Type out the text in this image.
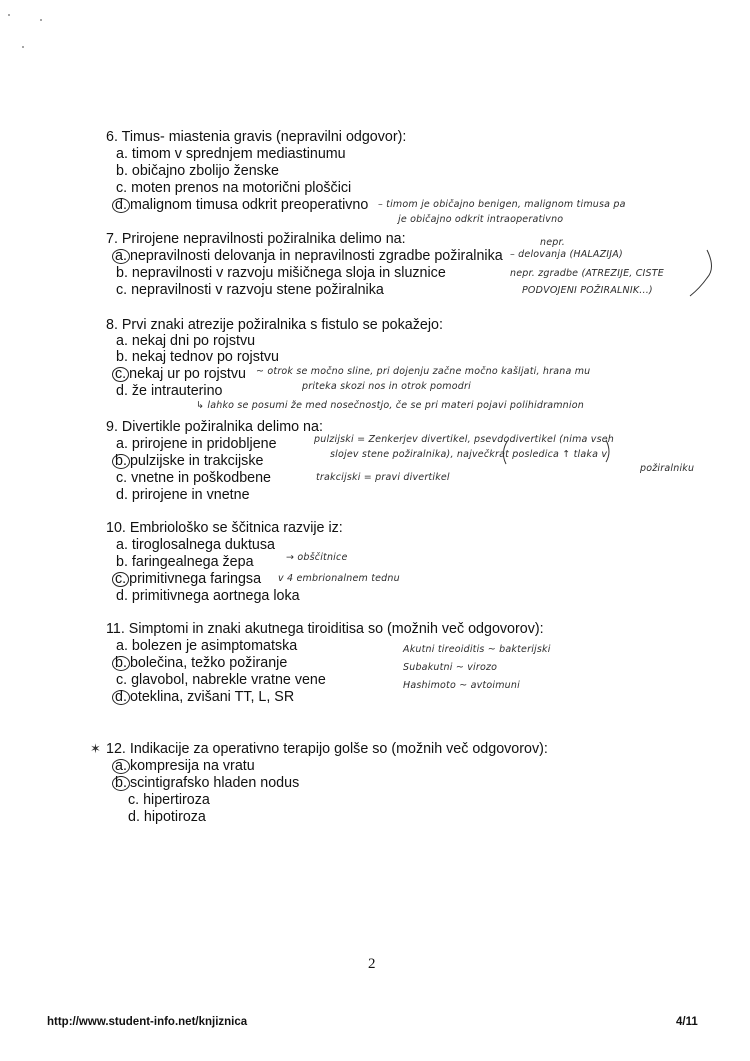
6. Timus- miastenia gravis (nepravilni odgovor):
a. timom v sprednjem mediastinumu
b. običajno zbolijo ženske
c. moten prenos na motorični ploščici
d. malignom timusa odkrit preoperativno – timom je običajno benigen, malignom timusa pa
je običajno odkrit intraoperativno
7. Prirojene nepravilnosti požiralnika delimo na:
a. nepravilnosti delovanja in nepravilnosti zgradbe požiralnika
b. nepravilnosti v razvoju mišičnega sloja in sluznice
c. nepravilnosti v razvoju stene požiralnika
nepr.
– delovanja (HALAZIJA)
nepr. zgradbe (ATREZIJE, CISTE
PODVOJENI POŽIRALNIK...)
8. Prvi znaki atrezije požiralnika s fistulo se pokažejo:
a. nekaj dni po rojstvu
b. nekaj tednov po rojstvu
c. nekaj ur po rojstvu
d. že intrauterino
~ otrok se močno sline, pri dojenju začne močno kašljati, hrana mu
priteka skozi nos in otrok pomodri
↳ lahko se posumi že med nosečnostjo, če se pri materi pojavi polihidramnion
9. Divertikle požiralnika delimo na:
a. prirojene in pridobljene
b. pulzijske in trakcijske
c. vnetne in poškodbene
d. prirojene in vnetne
pulzijski = Zenkerjev divertikel, psevdodivertikel (nima vseh
slojev stene požiralnika), največkrat posledica ↑ tlaka v
požiralniku
trakcijski = pravi divertikel
10. Embriološko se ščitnica razvije iz:
a. tiroglosalnega duktusa
b. faringealnega žepa
c. primitivnega faringsa
d. primitivnega aortnega loka
→ obščitnice
v 4 embrionalnem tednu
11. Simptomi in znaki akutnega tiroiditisa so (možnih več odgovorov):
a. bolezen je asimptomatska
b. bolečina, težko požiranje
c. glavobol, nabrekle vratne vene
d. oteklina, zvišani TT, L, SR
Akutni tireoiditis ~ bakterijski
Subakutni ~ virozo
Hashimoto ~ avtoimuni
✶ 12. Indikacije za operativno terapijo golše so (možnih več odgovorov):
a. kompresija na vratu
b. scintigrafsko hladen nodus
c. hipertiroza
d. hipotiroza
2
http://www.student-info.net/knjiznica	4/11
